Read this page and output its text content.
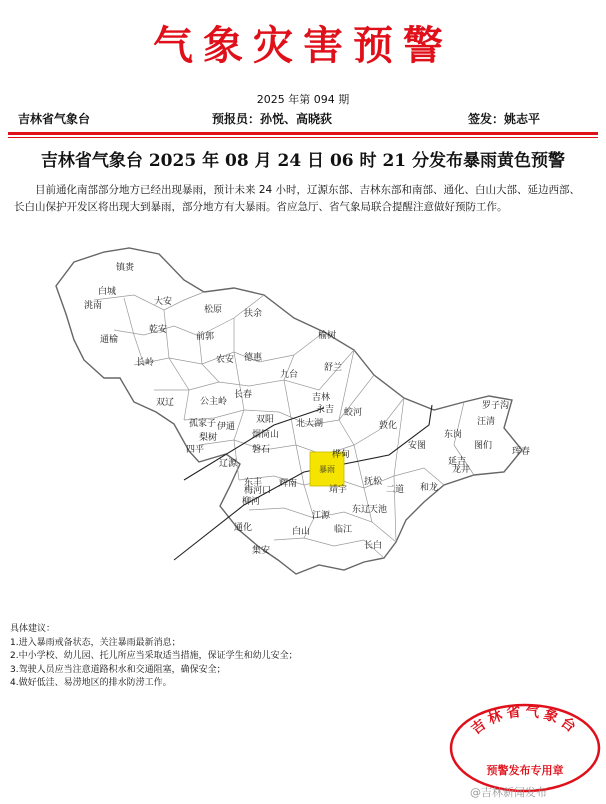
气象灾害预警
2025 年第 094 期
吉林省气象台	预报员：孙悦、高晓荻	签发：姚志平
吉林省气象台 2025 年 08 月 24 日 06 时 21 分发布暴雨黄色预警
目前通化南部部分地方已经出现暴雨，预计未来 24 小时，辽源东部、吉林东部和南部、通化、白山大部、延边西部、长白山保护开发区将出现大到暴雨，部分地方有大暴雨。省应急厅、省气象局联合提醒注意做好预防工作。
暴雨
镇赉
白城
洮南	大安
通榆
乾安
松原 扶余
前郭
长岭
榆树
农安 德惠
九台
舒兰
公主岭
长春
双辽	吉林
永吉 蛟河
孤家子 伊通
双阳 北大湖
磐石
烟筒山
梨树
四平
辽源
东丰
梅河口
柳河
辉南
桦甸
靖宇
抚松
江源
白山	临江
通化
集安	长白
敦化
安图
汪清
图们
延吉
龙井
和龙
珲春
罗子沟
东辽
二道
天池
东岗
具体建议：
1.进入暴雨戒备状态，关注暴雨最新消息；
2.中小学校、幼儿园、托儿所应当采取适当措施，保证学生和幼儿安全；
3.驾驶人员应当注意道路积水和交通阻塞，确保安全；
4.做好低洼、易涝地区的排水防涝工作。
吉林省气象台
预警发布专用章
@吉林新闻发布
